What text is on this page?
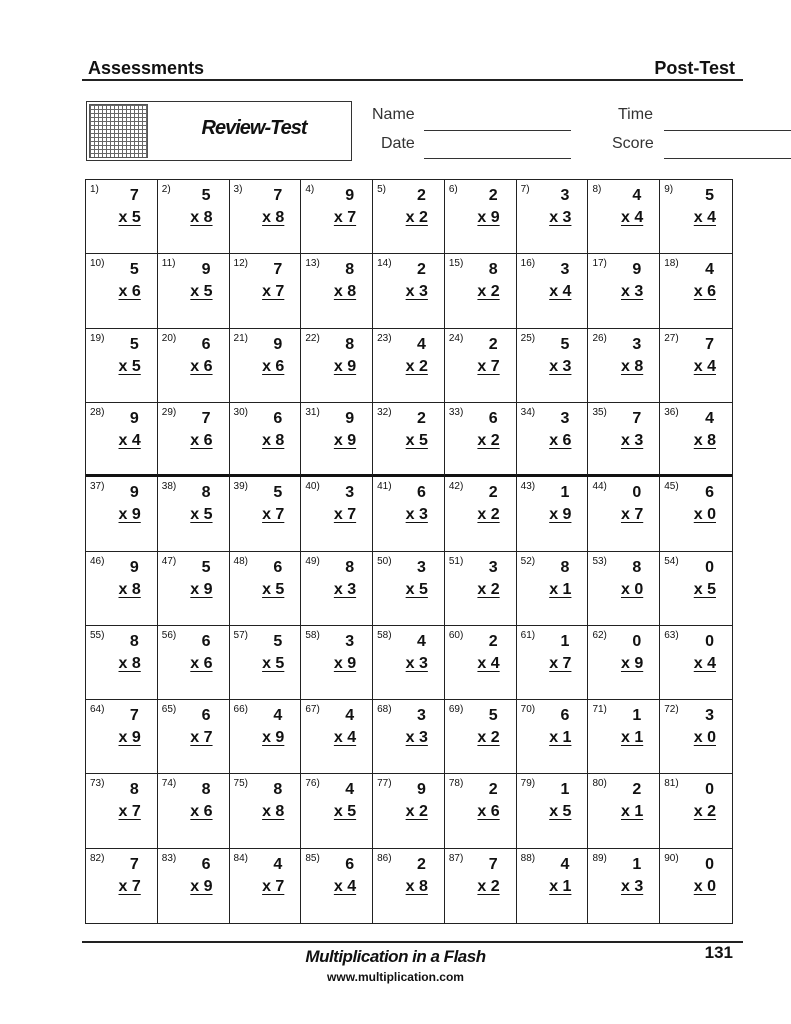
Assessments	Post-Test
Review-Test
Name
Date
Time
Score
1) 7
x 5
2) 5
x 8
3) 7
x 8
4) 9
x 7
5) 2
x 2
6) 2
x 9
7) 3
x 3
8) 4
x 4
9) 5
x 4
10) 5
x 6
11) 9
x 5
12) 7
x 7
13) 8
x 8
14) 2
x 3
15) 8
x 2
16) 3
x 4
17) 9
x 3
18) 4
x 6
19) 5
x 5
20) 6
x 6
21) 9
x 6
22) 8
x 9
23) 4
x 2
24) 2
x 7
25) 5
x 3
26) 3
x 8
27) 7
x 4
28) 9
x 4
29) 7
x 6
30) 6
x 8
31) 9
x 9
32) 2
x 5
33) 6
x 2
34) 3
x 6
35) 7
x 3
36) 4
x 8
37) 9
x 9
38) 8
x 5
39) 5
x 7
40) 3
x 7
41) 6
x 3
42) 2
x 2
43) 1
x 9
44) 0
x 7
45) 6
x 0
46) 9
x 8
47) 5
x 9
48) 6
x 5
49) 8
x 3
50) 3
x 5
51) 3
x 2
52) 8
x 1
53) 8
x 0
54) 0
x 5
55) 8
x 8
56) 6
x 6
57) 5
x 5
58) 3
x 9
58) 4
x 3
60) 2
x 4
61) 1
x 7
62) 0
x 9
63) 0
x 4
64) 7
x 9
65) 6
x 7
66) 4
x 9
67) 4
x 4
68) 3
x 3
69) 5
x 2
70) 6
x 1
71) 1
x 1
72) 3
x 0
73) 8
x 7
74) 8
x 6
75) 8
x 8
76) 4
x 5
77) 9
x 2
78) 2
x 6
79) 1
x 5
80) 2
x 1
81) 0
x 2
82) 7
x 7
83) 6
x 9
84) 4
x 7
85) 6
x 4
86) 2
x 8
87) 7
x 2
88) 4
x 1
89) 1
x 3
90) 0
x 0
Multiplication in a Flash
www.multiplication.com
131
